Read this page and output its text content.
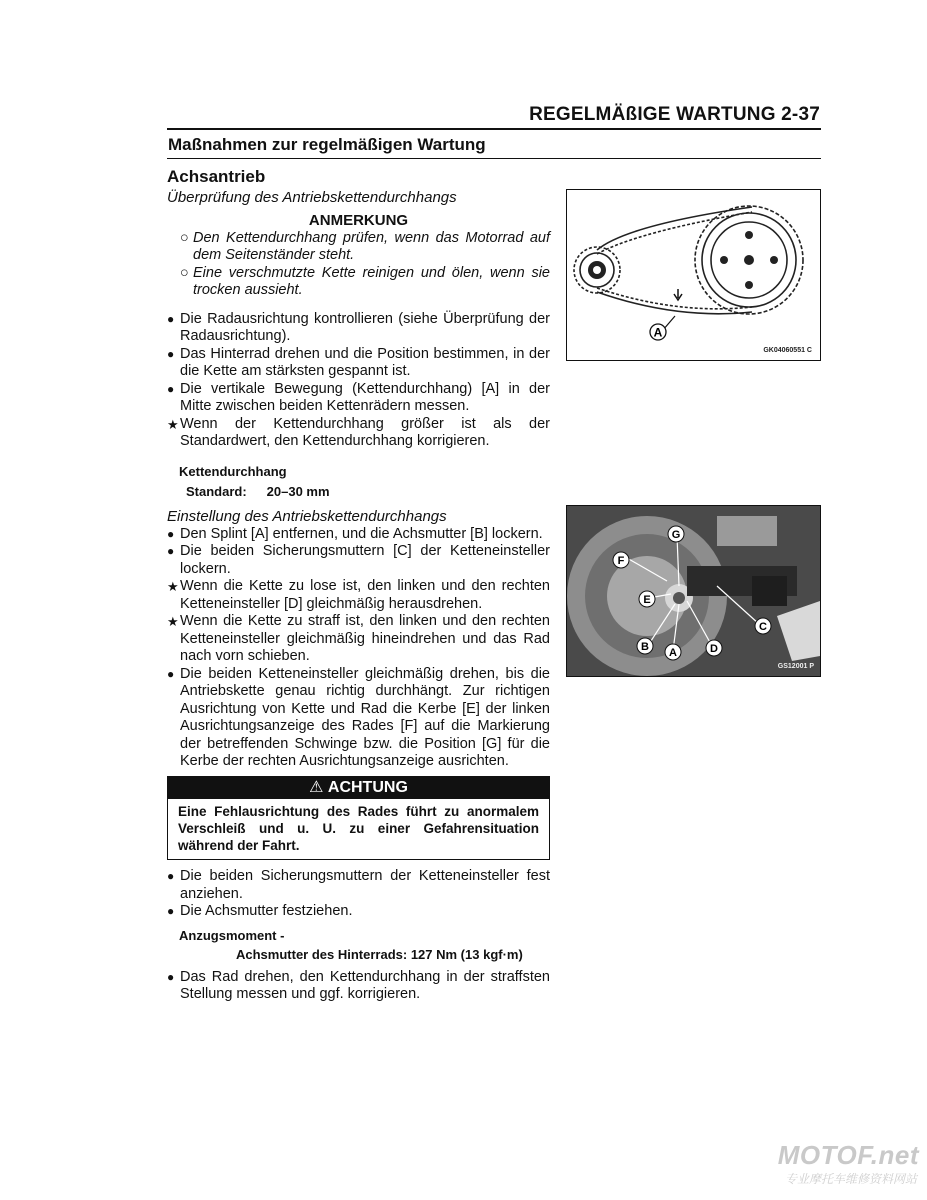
REGELMÄßIGE WARTUNG 2-37
Maßnahmen zur regelmäßigen Wartung
Achsantrieb
Überprüfung des Antriebskettendurchhangs
ANMERKUNG
○ Den Kettendurchhang prüfen, wenn das Motorrad auf dem Seitenständer steht.
○ Eine verschmutzte Kette reinigen und ölen, wenn sie trocken aussieht.
● Die Radausrichtung kontrollieren (siehe Überprüfung der Radausrichtung).
● Das Hinterrad drehen und die Position bestimmen, in der die Kette am stärksten gespannt ist.
● Die vertikale Bewegung (Kettendurchhang) [A] in der Mitte zwischen beiden Kettenrädern messen.
★ Wenn der Kettendurchhang größer ist als der Standardwert, den Kettendurchhang korrigieren.
Kettendurchhang
Standard: 20–30 mm
Einstellung des Antriebskettendurchhangs
● Den Splint [A] entfernen, und die Achsmutter [B] lockern.
● Die beiden Sicherungsmuttern [C] der Ketteneinsteller lockern.
★ Wenn die Kette zu lose ist, den linken und den rechten Ketteneinsteller [D] gleichmäßig herausdrehen.
★ Wenn die Kette zu straff ist, den linken und den rechten Ketteneinsteller gleichmäßig hineindrehen und das Rad nach vorn schieben.
● Die beiden Ketteneinsteller gleichmäßig drehen, bis die Antriebskette genau richtig durchhängt. Zur richtigen Ausrichtung von Kette und Rad die Kerbe [E] der linken Ausrichtungsanzeige des Rades [F] auf die Markierung der betreffenden Schwinge bzw. die Position [G] für die Kerbe der rechten Ausrichtungsanzeige ausrichten.
⚠ ACHTUNG
Eine Fehlausrichtung des Rades führt zu anormalem Verschleiß und u. U. zu einer Gefahrensituation während der Fahrt.
● Die beiden Sicherungsmuttern der Ketteneinsteller fest anziehen.
● Die Achsmutter festziehen.
Anzugsmoment -
Achsmutter des Hinterrads: 127 Nm (13 kgf·m)
● Das Rad drehen, den Kettendurchhang in der straffsten Stellung messen und ggf. korrigieren.
A
GK04060551 C
G
F
E
B A	D
C
GS12001 P
MOTOF.net
专业摩托车维修资料网站
